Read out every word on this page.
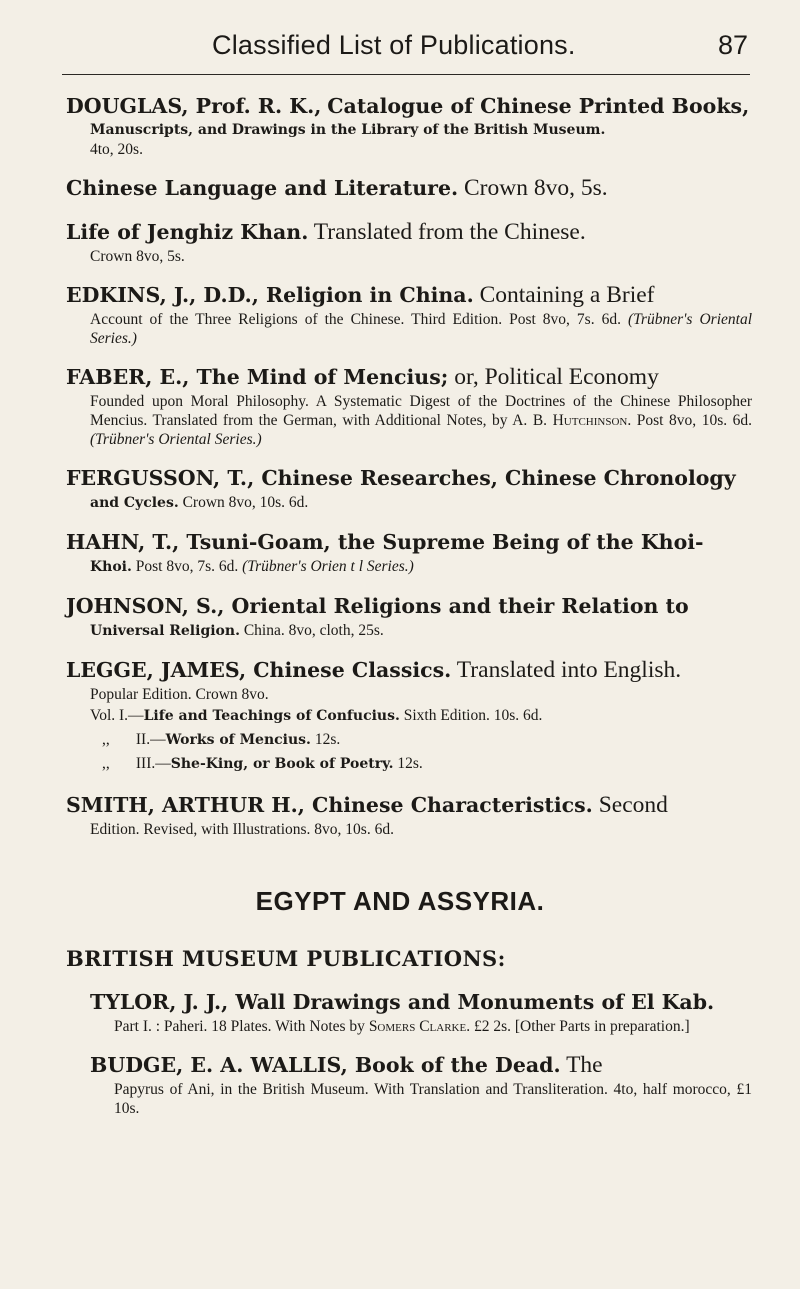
Classified List of Publications.	87
DOUGLAS, Prof. R. K., Catalogue of Chinese Printed Books,
Manuscripts, and Drawings in the Library of the British Museum.
4to, 20s.
Chinese Language and Literature. Crown 8vo, 5s.
Life of Jenghiz Khan. Translated from the Chinese.
Crown 8vo, 5s.
EDKINS, J., D.D., Religion in China. Containing a Brief
Account of the Three Religions of the Chinese. Third Edition. Post 8vo, 7s. 6d. (Trübner's Oriental Series.)
FABER, E., The Mind of Mencius; or, Political Economy
Founded upon Moral Philosophy. A Systematic Digest of the Doctrines of the Chinese Philosopher Mencius. Translated from the German, with Additional Notes, by A. B. Hutchinson. Post 8vo, 10s. 6d. (Trübner's Oriental Series.)
FERGUSSON, T., Chinese Researches, Chinese Chronology
and Cycles. Crown 8vo, 10s. 6d.
HAHN, T., Tsuni-Goam, the Supreme Being of the Khoi-
Khoi. Post 8vo, 7s. 6d. (Trübner's Orien t l Series.)
JOHNSON, S., Oriental Religions and their Relation to
Universal Religion. China. 8vo, cloth, 25s.
LEGGE, JAMES, Chinese Classics. Translated into English.
Popular Edition. Crown 8vo.
Vol. I.—Life and Teachings of Confucius. Sixth Edition. 10s. 6d.
,, II.—Works of Mencius. 12s.
,, III.—She-King, or Book of Poetry. 12s.
SMITH, ARTHUR H., Chinese Characteristics. Second
Edition. Revised, with Illustrations. 8vo, 10s. 6d.
EGYPT AND ASSYRIA.
BRITISH MUSEUM PUBLICATIONS:
TYLOR, J. J., Wall Drawings and Monuments of El Kab.
Part I. : Paheri. 18 Plates. With Notes by Somers Clarke. £2 2s. [Other Parts in preparation.]
BUDGE, E. A. WALLIS, Book of the Dead. The
Papyrus of Ani, in the British Museum. With Translation and Transliteration. 4to, half morocco, £1 10s.
